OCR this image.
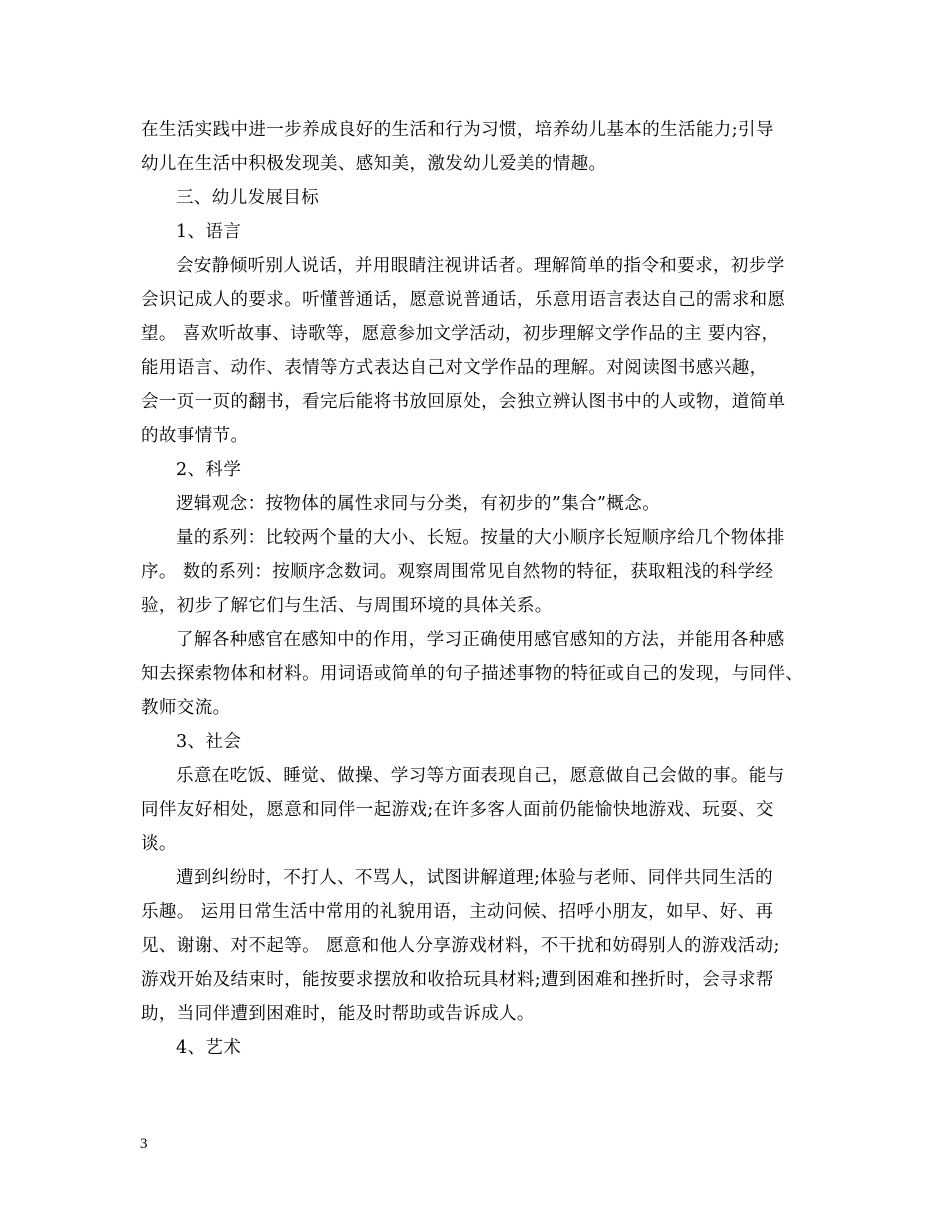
在生活实践中进一步养成良好的生活和行为习惯，培养幼儿基本的生活能力;引导
幼儿在生活中积极发现美、感知美，激发幼儿爱美的情趣。
三、幼儿发展目标
1、语言
会安静倾听别人说话，并用眼睛注视讲话者。理解简单的指令和要求，初步学
会识记成人的要求。听懂普通话，愿意说普通话，乐意用语言表达自己的需求和愿
望。 喜欢听故事、诗歌等，愿意参加文学活动，初步理解文学作品的主 要内容，
能用语言、动作、表情等方式表达自己对文学作品的理解。对阅读图书感兴趣，
会一页一页的翻书，看完后能将书放回原处，会独立辨认图书中的人或物，道简单
的故事情节。
2、科学
逻辑观念：按物体的属性求同与分类，有初步的”集合”概念。
量的系列：比较两个量的大小、长短。按量的大小顺序长短顺序给几个物体排
序。 数的系列：按顺序念数词。观察周围常见自然物的特征，获取粗浅的科学经
验，初步了解它们与生活、与周围环境的具体关系。
了解各种感官在感知中的作用，学习正确使用感官感知的方法，并能用各种感
知去探索物体和材料。用词语或简单的句子描述事物的特征或自己的发现，与同伴、
教师交流。
3、社会
乐意在吃饭、睡觉、做操、学习等方面表现自己，愿意做自己会做的事。能与
同伴友好相处，愿意和同伴一起游戏;在许多客人面前仍能愉快地游戏、玩耍、交
谈。
遭到纠纷时，不打人、不骂人，试图讲解道理;体验与老师、同伴共同生活的
乐趣。 运用日常生活中常用的礼貌用语，主动问候、招呼小朋友，如早、好、再
见、谢谢、对不起等。 愿意和他人分享游戏材料，不干扰和妨碍别人的游戏活动;
游戏开始及结束时，能按要求摆放和收拾玩具材料;遭到困难和挫折时，会寻求帮
助，当同伴遭到困难时，能及时帮助或告诉成人。
4、艺术
3
